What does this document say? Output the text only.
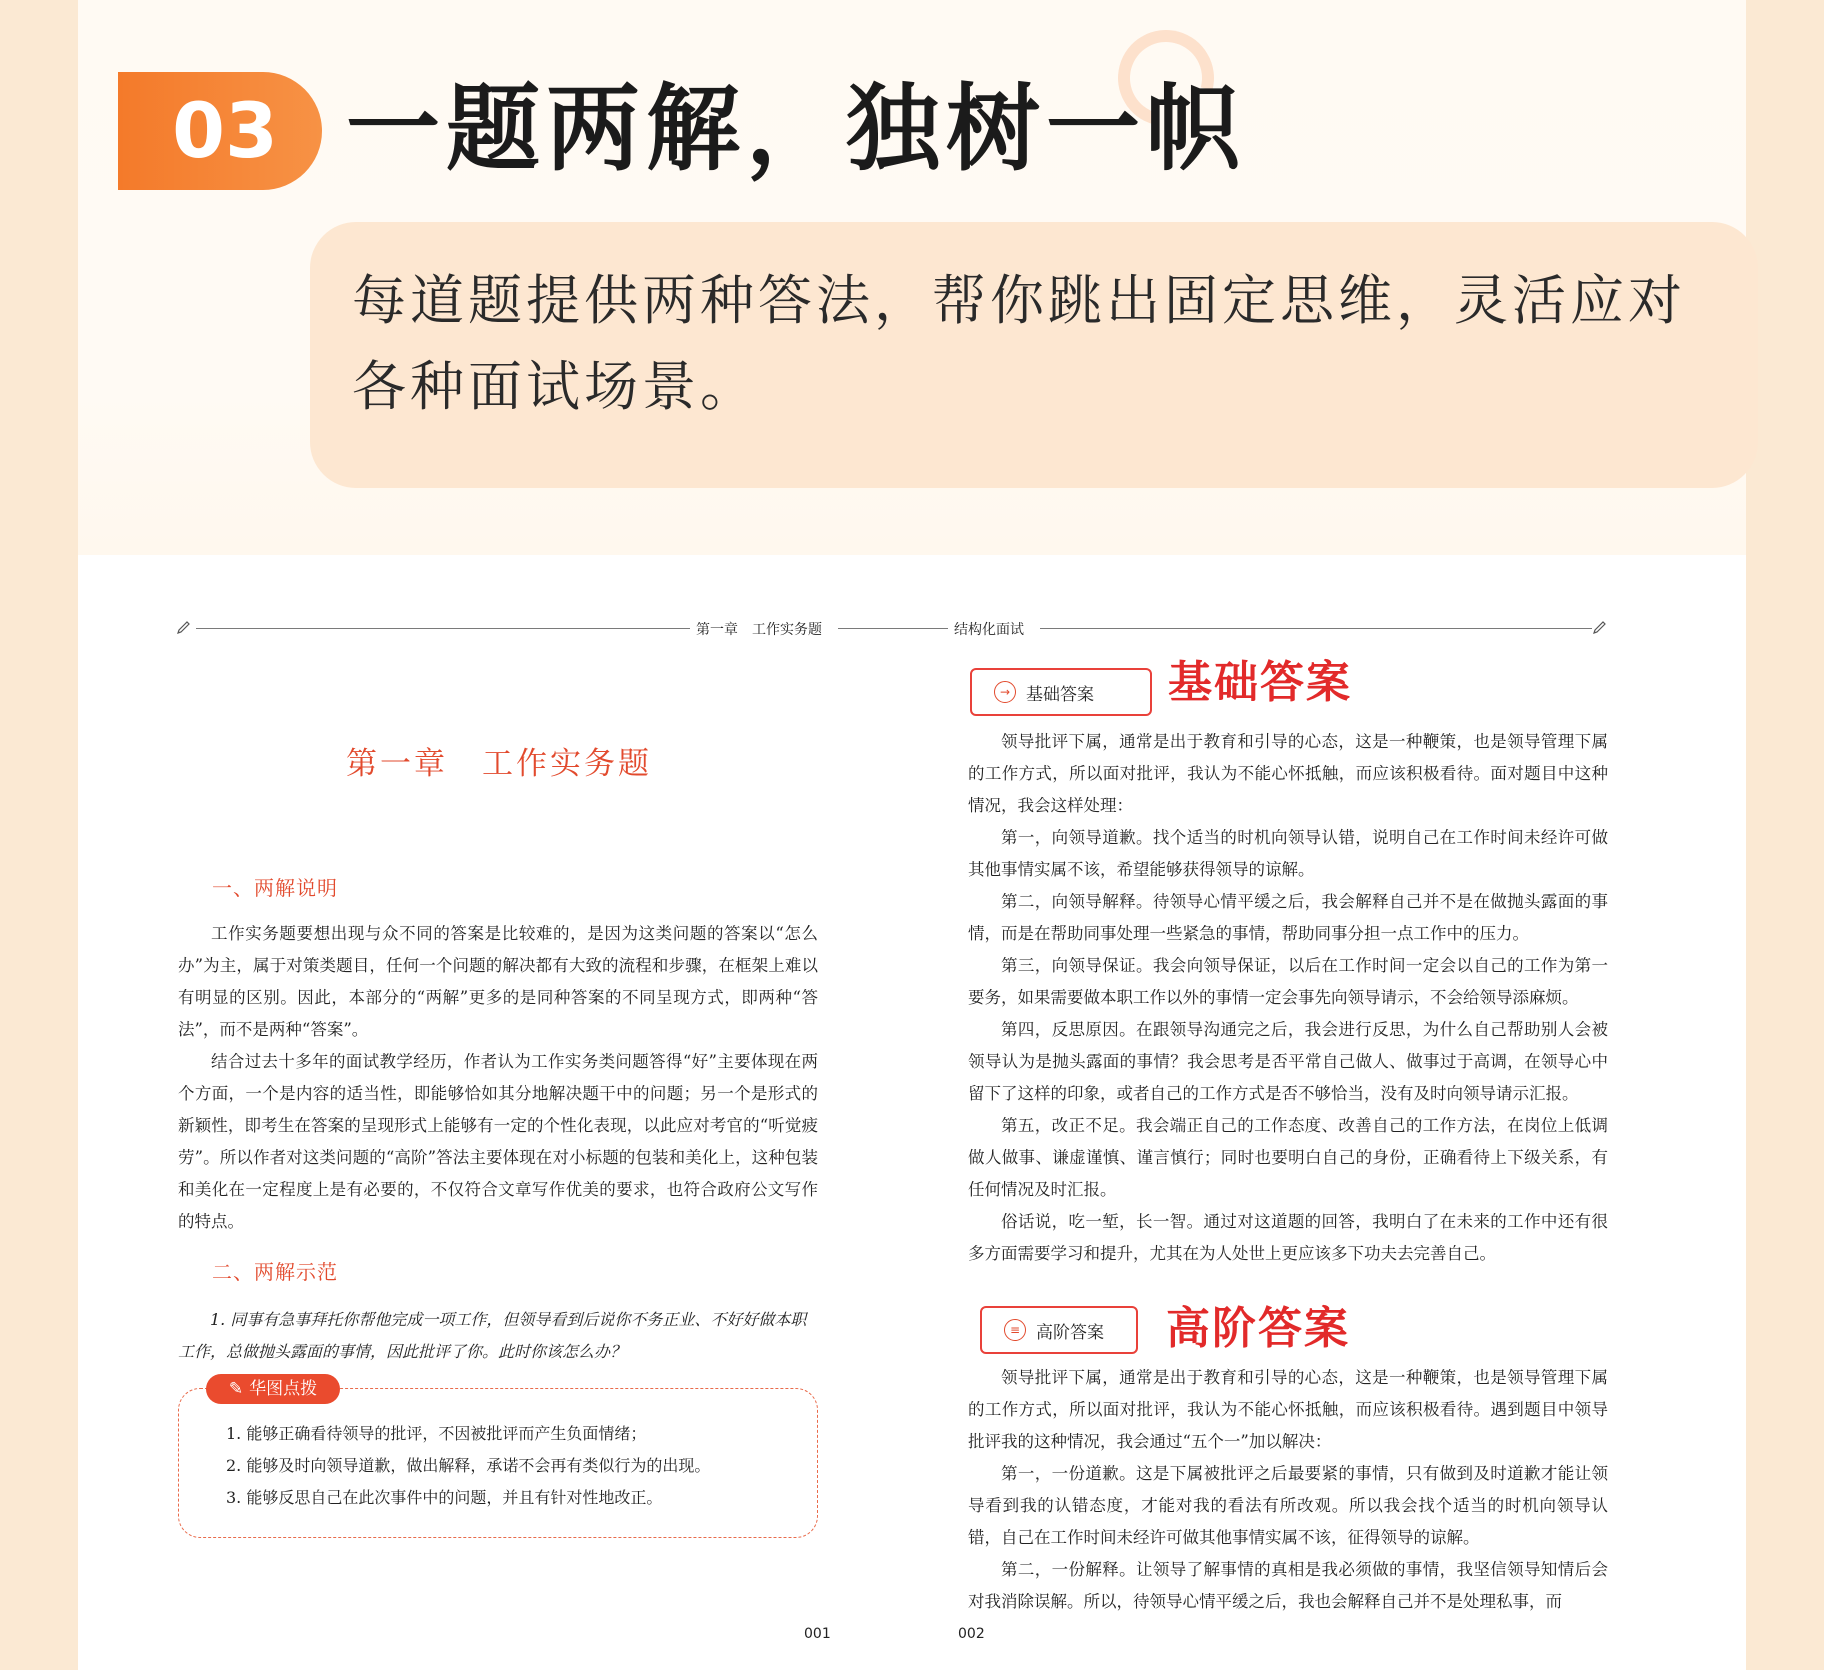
03 一题两解，独树一帜
每道题提供两种答法，帮你跳出固定思维，灵活应对各种面试场景。
第一章　工作实务题	结构化面试
第一章　工作实务题
一、两解说明

工作实务题要想出现与众不同的答案是比较难的，是因为这类问题的答案以“怎么办”为主，属于对策类题目，任何一个问题的解决都有大致的流程和步骤，在框架上难以有明显的区别。因此，本部分的“两解”更多的是同种答案的不同呈现方式，即两种“答法”，而不是两种“答案”。

结合过去十多年的面试教学经历，作者认为工作实务类问题答得“好”主要体现在两个方面，一个是内容的适当性，即能够恰如其分地解决题干中的问题；另一个是形式的新颖性，即考生在答案的呈现形式上能够有一定的个性化表现，以此应对考官的“听觉疲劳”。所以作者对这类问题的“高阶”答法主要体现在对小标题的包装和美化上，这种包装和美化在一定程度上是有必要的，不仅符合文章写作优美的要求，也符合政府公文写作的特点。

二、两解示范

1. 同事有急事拜托你帮他完成一项工作，但领导看到后说你不务正业、不好好做本职工作，总做抛头露面的事情，因此批评了你。此时你该怎么办？

✎ 华图点拨
1. 能够正确看待领导的批评，不因被批评而产生负面情绪；
2. 能够及时向领导道歉，做出解释，承诺不会再有类似行为的出现。
3. 能够反思自己在此次事件中的问题，并且有针对性地改正。
001
→ 基础答案 基础答案

领导批评下属，通常是出于教育和引导的心态，这是一种鞭策，也是领导管理下属的工作方式，所以面对批评，我认为不能心怀抵触，而应该积极看待。面对题目中这种情况，我会这样处理：

第一，向领导道歉。找个适当的时机向领导认错，说明自己在工作时间未经许可做其他事情实属不该，希望能够获得领导的谅解。

第二，向领导解释。待领导心情平缓之后，我会解释自己并不是在做抛头露面的事情，而是在帮助同事处理一些紧急的事情，帮助同事分担一点工作中的压力。

第三，向领导保证。我会向领导保证，以后在工作时间一定会以自己的工作为第一要务，如果需要做本职工作以外的事情一定会事先向领导请示，不会给领导添麻烦。

第四，反思原因。在跟领导沟通完之后，我会进行反思，为什么自己帮助别人会被领导认为是抛头露面的事情？我会思考是否平常自己做人、做事过于高调，在领导心中留下了这样的印象，或者自己的工作方式是否不够恰当，没有及时向领导请示汇报。

第五，改正不足。我会端正自己的工作态度、改善自己的工作方法，在岗位上低调做人做事、谦虚谨慎、谨言慎行；同时也要明白自己的身份，正确看待上下级关系，有任何情况及时汇报。

俗话说，吃一堑，长一智。通过对这道题的回答，我明白了在未来的工作中还有很多方面需要学习和提升，尤其在为人处世上更应该多下功夫去完善自己。

≡ 高阶答案 高阶答案

领导批评下属，通常是出于教育和引导的心态，这是一种鞭策，也是领导管理下属的工作方式，所以面对批评，我认为不能心怀抵触，而应该积极看待。遇到题目中领导批评我的这种情况，我会通过“五个一”加以解决：

第一，一份道歉。这是下属被批评之后最要紧的事情，只有做到及时道歉才能让领导看到我的认错态度，才能对我的看法有所改观。所以我会找个适当的时机向领导认错，自己在工作时间未经许可做其他事情实属不该，征得领导的谅解。

第二，一份解释。让领导了解事情的真相是我必须做的事情，我坚信领导知情后会对我消除误解。所以，待领导心情平缓之后，我也会解释自己并不是处理私事，而

002
